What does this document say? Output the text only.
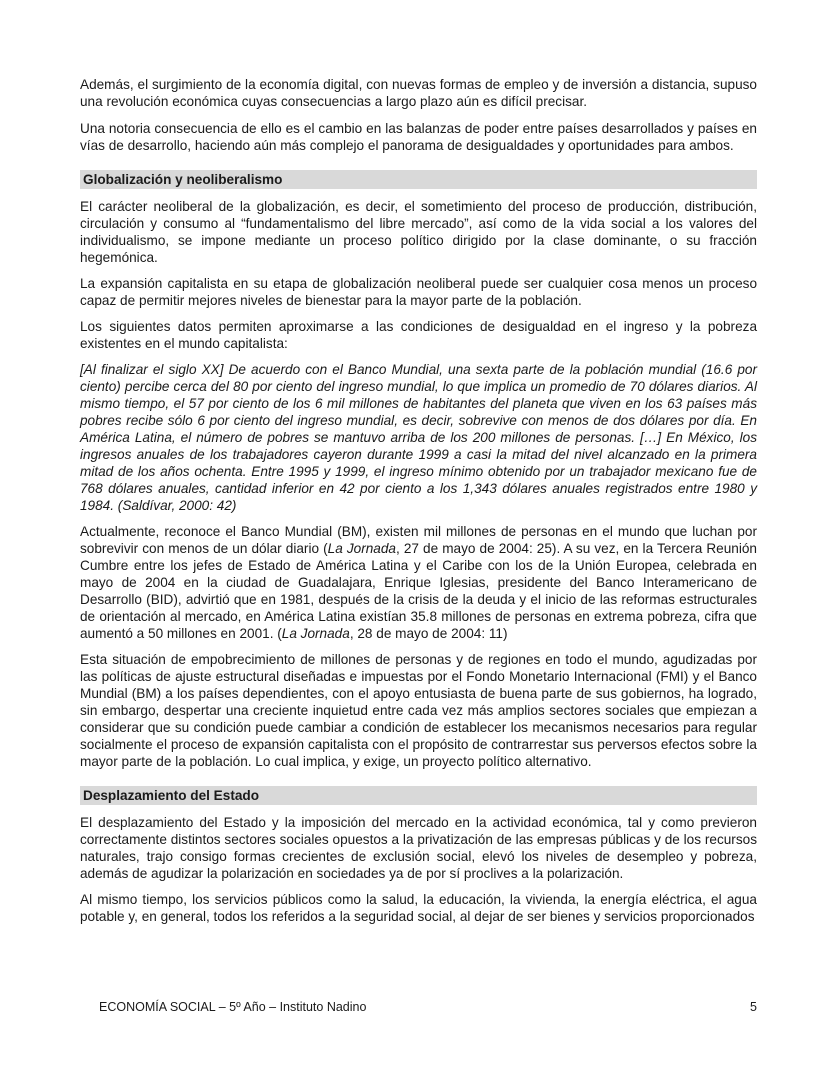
Además, el surgimiento de la economía digital, con nuevas formas de empleo y de inversión a distancia, supuso una revolución económica cuyas consecuencias a largo plazo aún es difícil precisar.

Una notoria consecuencia de ello es el cambio en las balanzas de poder entre países desarrollados y países en vías de desarrollo, haciendo aún más complejo el panorama de desigualdades y oportunidades para ambos.

Globalización y neoliberalismo

El carácter neoliberal de la globalización, es decir, el sometimiento del proceso de producción, distribución, circulación y consumo al “fundamentalismo del libre mercado”, así como de la vida social a los valores del individualismo, se impone mediante un proceso político dirigido por la clase dominante, o su fracción hegemónica.

La expansión capitalista en su etapa de globalización neoliberal puede ser cualquier cosa menos un proceso capaz de permitir mejores niveles de bienestar para la mayor parte de la población.

Los siguientes datos permiten aproximarse a las condiciones de desigualdad en el ingreso y la pobreza existentes en el mundo capitalista:

[Al finalizar el siglo XX] De acuerdo con el Banco Mundial, una sexta parte de la población mundial (16.6 por ciento) percibe cerca del 80 por ciento del ingreso mundial, lo que implica un promedio de 70 dólares diarios. Al mismo tiempo, el 57 por ciento de los 6 mil millones de habitantes del planeta que viven en los 63 países más pobres recibe sólo 6 por ciento del ingreso mundial, es decir, sobrevive con menos de dos dólares por día. En América Latina, el número de pobres se mantuvo arriba de los 200 millones de personas. […] En México, los ingresos anuales de los trabajadores cayeron durante 1999 a casi la mitad del nivel alcanzado en la primera mitad de los años ochenta. Entre 1995 y 1999, el ingreso mínimo obtenido por un trabajador mexicano fue de 768 dólares anuales, cantidad inferior en 42 por ciento a los 1,343 dólares anuales registrados entre 1980 y 1984. (Saldívar, 2000: 42)

Actualmente, reconoce el Banco Mundial (BM), existen mil millones de personas en el mundo que luchan por sobrevivir con menos de un dólar diario (La Jornada, 27 de mayo de 2004: 25). A su vez, en la Tercera Reunión Cumbre entre los jefes de Estado de América Latina y el Caribe con los de la Unión Europea, celebrada en mayo de 2004 en la ciudad de Guadalajara, Enrique Iglesias, presidente del Banco Interamericano de Desarrollo (BID), advirtió que en 1981, después de la crisis de la deuda y el inicio de las reformas estructurales de orientación al mercado, en América Latina existían 35.8 millones de personas en extrema pobreza, cifra que aumentó a 50 millones en 2001. (La Jornada, 28 de mayo de 2004: 11)

Esta situación de empobrecimiento de millones de personas y de regiones en todo el mundo, agudizadas por las políticas de ajuste estructural diseñadas e impuestas por el Fondo Monetario Internacional (FMI) y el Banco Mundial (BM) a los países dependientes, con el apoyo entusiasta de buena parte de sus gobiernos, ha logrado, sin embargo, despertar una creciente inquietud entre cada vez más amplios sectores sociales que empiezan a considerar que su condición puede cambiar a condición de establecer los mecanismos necesarios para regular socialmente el proceso de expansión capitalista con el propósito de contrarrestar sus perversos efectos sobre la mayor parte de la población. Lo cual implica, y exige, un proyecto político alternativo.

Desplazamiento del Estado

El desplazamiento del Estado y la imposición del mercado en la actividad económica, tal y como previeron correctamente distintos sectores sociales opuestos a la privatización de las empresas públicas y de los recursos naturales, trajo consigo formas crecientes de exclusión social, elevó los niveles de desempleo y pobreza, además de agudizar la polarización en sociedades ya de por sí proclives a la polarización.

Al mismo tiempo, los servicios públicos como la salud, la educación, la vivienda, la energía eléctrica, el agua potable y, en general, todos los referidos a la seguridad social, al dejar de ser bienes y servicios proporcionados

ECONOMÍA SOCIAL – 5º Año – Instituto Nadino	5
